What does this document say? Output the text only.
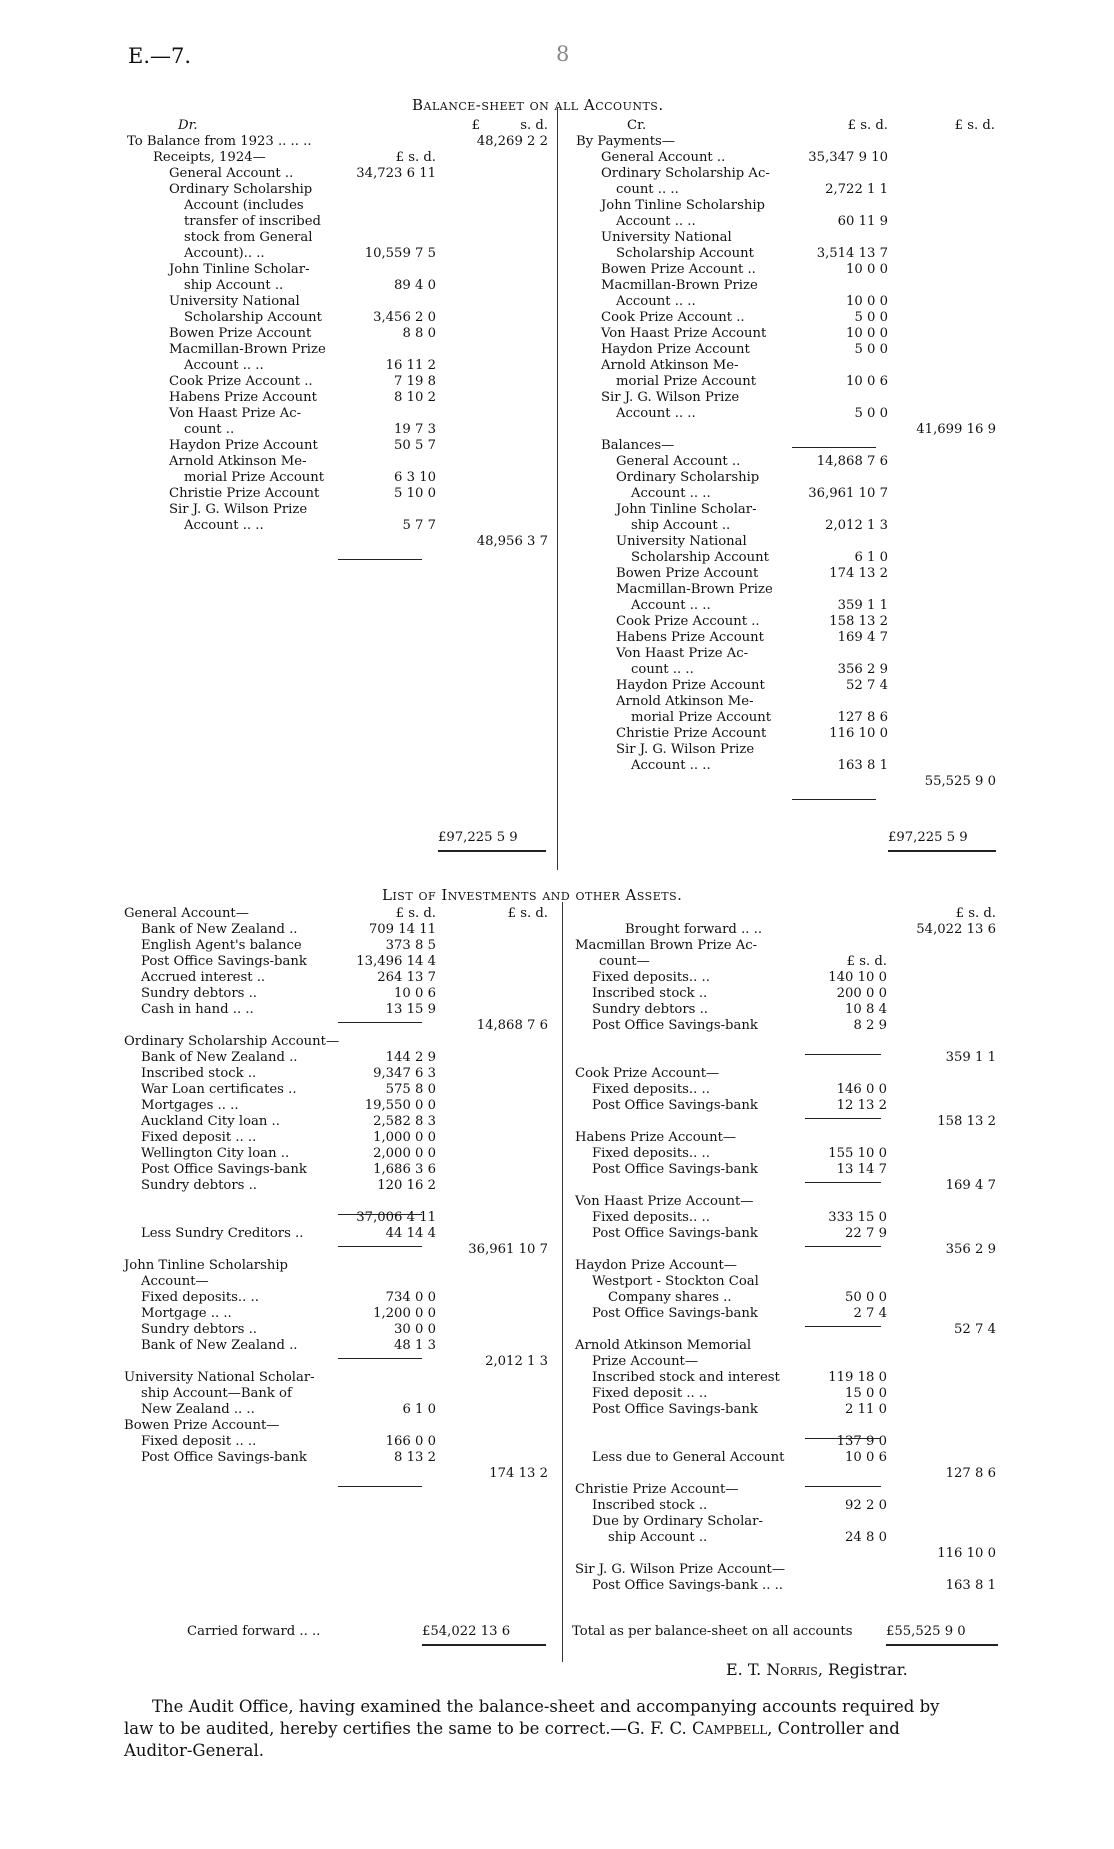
E.—7.	8
Balance-sheet on all Accounts.
Dr.	£	s. d.
To Balance from 1923 .. .. ..	48,269 2 2
Receipts, 1924—	£ s. d.
General Account ..	34,723 6 11
Ordinary Scholarship
Account (includes
transfer of inscribed
stock from General
Account).. ..	10,559 7 5
John Tinline Scholar-
ship Account ..	89 4 0
University National
Scholarship Account	3,456 2 0
Bowen Prize Account	8 8 0
Macmillan-Brown Prize
Account .. ..	16 11 2
Cook Prize Account ..	7 19 8
Habens Prize Account	8 10 2
Von Haast Prize Ac-
count ..	19 7 3
Haydon Prize Account	50 5 7
Arnold Atkinson Me-
morial Prize Account	6 3 10
Christie Prize Account	5 10 0
Sir J. G. Wilson Prize
Account .. ..	5 7 7
48,956 3 7
Cr.	£ s. d.	£ s. d.
By Payments—
General Account ..	35,347 9 10
Ordinary Scholarship Ac-
count .. ..	2,722 1 1
John Tinline Scholarship
Account .. ..	60 11 9
University National
Scholarship Account	3,514 13 7
Bowen Prize Account ..	10 0 0
Macmillan-Brown Prize
Account .. ..	10 0 0
Cook Prize Account ..	5 0 0
Von Haast Prize Account	10 0 0
Haydon Prize Account	5 0 0
Arnold Atkinson Me-
morial Prize Account	10 0 6
Sir J. G. Wilson Prize
Account .. ..	5 0 0
41,699 16 9
Balances—
General Account ..	14,868 7 6
Ordinary Scholarship
Account .. ..	36,961 10 7
John Tinline Scholar-
ship Account ..	2,012 1 3
University National
Scholarship Account	6 1 0
Bowen Prize Account	174 13 2
Macmillan-Brown Prize
Account .. ..	359 1 1
Cook Prize Account ..	158 13 2
Habens Prize Account	169 4 7
Von Haast Prize Ac-
count .. ..	356 2 9
Haydon Prize Account	52 7 4
Arnold Atkinson Me-
morial Prize Account	127 8 6
Christie Prize Account	116 10 0
Sir J. G. Wilson Prize
Account .. ..	163 8 1
55,525 9 0
£97,225 5 9	£97,225 5 9
List of Investments and other Assets.
General Account—	£ s. d.	£ s. d.
Bank of New Zealand ..	709 14 11
English Agent's balance	373 8 5
Post Office Savings-bank	13,496 14 4
Accrued interest ..	264 13 7
Sundry debtors ..	10 0 6
Cash in hand .. ..	13 15 9
14,868 7 6
Ordinary Scholarship Account—
Bank of New Zealand ..	144 2 9
Inscribed stock ..	9,347 6 3
War Loan certificates ..	575 8 0
Mortgages .. ..	19,550 0 0
Auckland City loan ..	2,582 8 3
Fixed deposit .. ..	1,000 0 0
Wellington City loan ..	2,000 0 0
Post Office Savings-bank	1,686 3 6
Sundry debtors ..	120 16 2
37,006 4 11
Less Sundry Creditors ..	44 14 4
36,961 10 7
John Tinline Scholarship
Account—
Fixed deposits.. ..	734 0 0
Mortgage .. ..	1,200 0 0
Sundry debtors ..	30 0 0
Bank of New Zealand ..	48 1 3
2,012 1 3
University National Scholar-
ship Account—Bank of
New Zealand .. ..	6 1 0
Bowen Prize Account—
Fixed deposit .. ..	166 0 0
Post Office Savings-bank	8 13 2
174 13 2
£ s. d.
Brought forward .. ..	54,022 13 6
Macmillan Brown Prize Ac-
count—	£ s. d.
Fixed deposits.. ..	140 10 0
Inscribed stock ..	200 0 0
Sundry debtors ..	10 8 4
Post Office Savings-bank	8 2 9
359 1 1
Cook Prize Account—
Fixed deposits.. ..	146 0 0
Post Office Savings-bank	12 13 2
158 13 2
Habens Prize Account—
Fixed deposits.. ..	155 10 0
Post Office Savings-bank	13 14 7
169 4 7
Von Haast Prize Account—
Fixed deposits.. ..	333 15 0
Post Office Savings-bank	22 7 9
356 2 9
Haydon Prize Account—
Westport - Stockton Coal
Company shares ..	50 0 0
Post Office Savings-bank	2 7 4
52 7 4
Arnold Atkinson Memorial
Prize Account—
Inscribed stock and interest	119 18 0
Fixed deposit .. ..	15 0 0
Post Office Savings-bank	2 11 0
137 9 0
Less due to General Account	10 0 6
127 8 6
Christie Prize Account—
Inscribed stock ..	92 2 0
Due by Ordinary Scholar-
ship Account ..	24 8 0
116 10 0
Sir J. G. Wilson Prize Account—
Post Office Savings-bank .. ..	163 8 1
Carried forward .. ..	£54,022 13 6	Total as per balance-sheet on all accounts	£55,525 9 0
E. T. Norris, Registrar.
The Audit Office, having examined the balance-sheet and accompanying accounts required by
law to be audited, hereby certifies the same to be correct.—G. F. C. Campbell, Controller and
Auditor-General.
